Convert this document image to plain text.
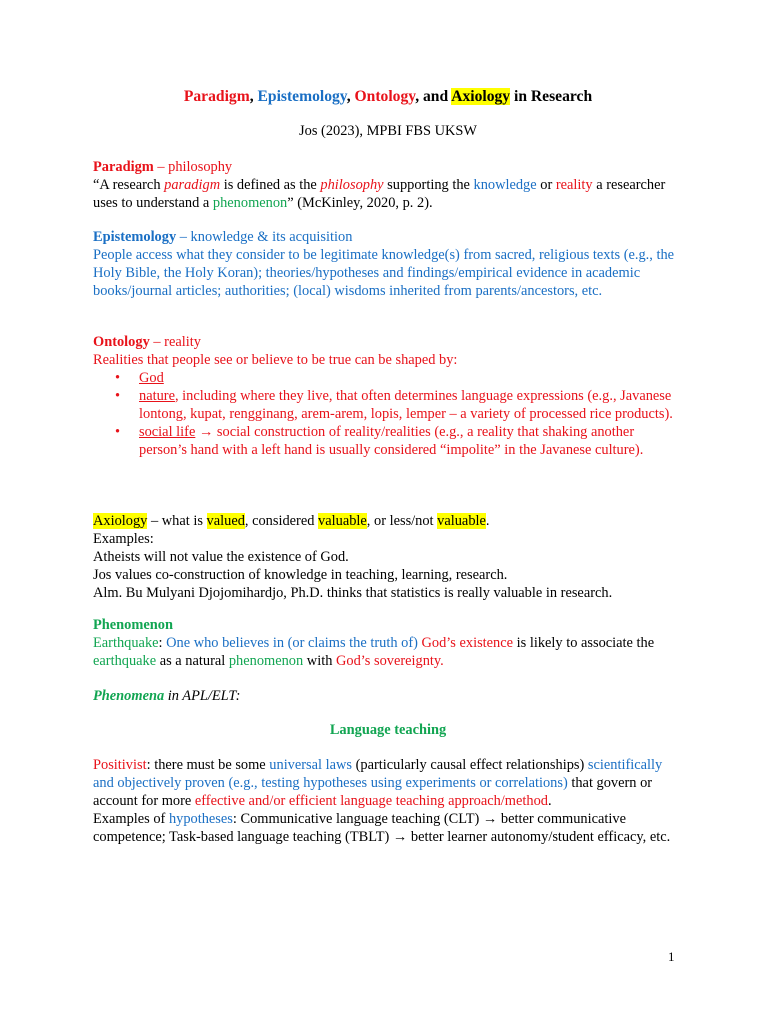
Paradigm, Epistemology, Ontology, and Axiology in Research
Jos (2023), MPBI FBS UKSW

Paradigm – philosophy

“A research paradigm is defined as the philosophy supporting the knowledge or reality a researcher uses to understand a phenomenon” (McKinley, 2020, p. 2).

Epistemology – knowledge & its acquisition

People access what they consider to be legitimate knowledge(s) from sacred, religious texts (e.g., the Holy Bible, the Holy Koran); theories/hypotheses and findings/empirical evidence in academic books/journal articles; authorities; (local) wisdoms inherited from parents/ancestors, etc.

Ontology – reality

Realities that people see or believe to be true can be shaped by:

• God
• nature, including where they live, that often determines language expressions (e.g., Javanese lontong, kupat, rengginang, arem-arem, lopis, lemper – a variety of processed rice products).
• social life → social construction of reality/realities (e.g., a reality that shaking another person’s hand with a left hand is usually considered “impolite” in the Javanese culture).

Axiology – what is valued, considered valuable, or less/not valuable.

Examples:

Atheists will not value the existence of God.

Jos values co-construction of knowledge in teaching, learning, research.

Alm. Bu Mulyani Djojomihardjo, Ph.D. thinks that statistics is really valuable in research.

Phenomenon

Earthquake: One who believes in (or claims the truth of) God’s existence is likely to associate the earthquake as a natural phenomenon with God’s sovereignty.

Phenomena in APL/ELT:

Language teaching

Positivist: there must be some universal laws (particularly causal effect relationships) scientifically and objectively proven (e.g., testing hypotheses using experiments or correlations) that govern or account for more effective and/or efficient language teaching approach/method.

Examples of hypotheses: Communicative language teaching (CLT) → better communicative competence; Task-based language teaching (TBLT) → better learner autonomy/student efficacy, etc.

1
